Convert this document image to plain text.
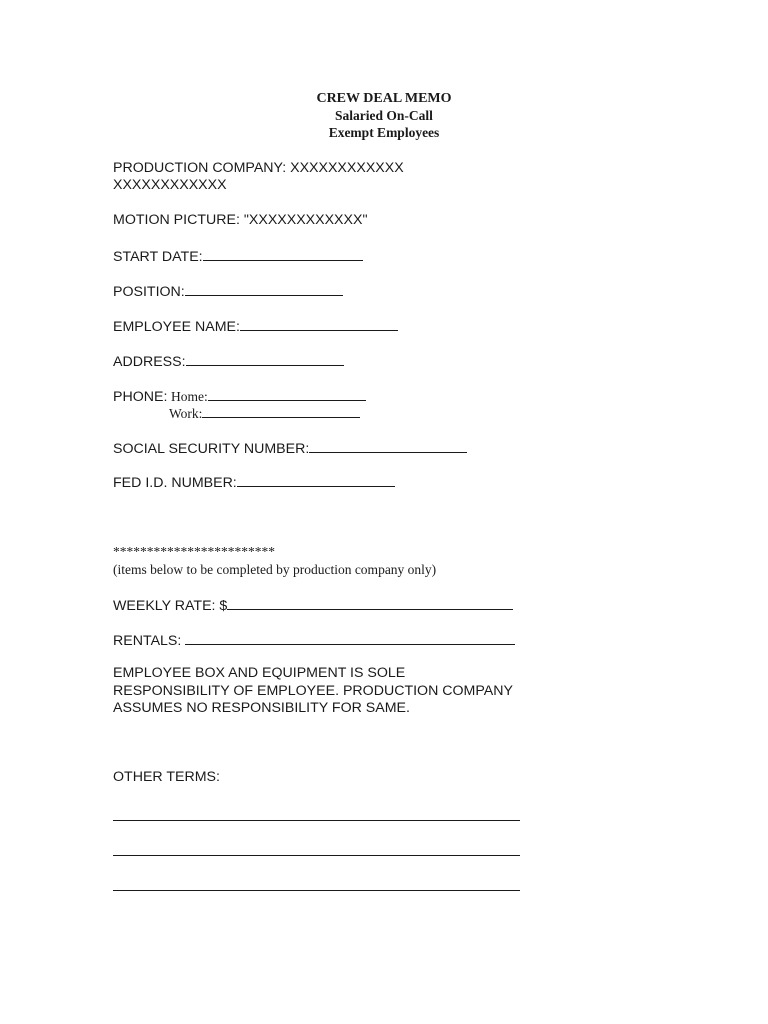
CREW DEAL MEMO
Salaried On-Call
Exempt Employees
PRODUCTION COMPANY: XXXXXXXXXXXX
XXXXXXXXXXXX
MOTION PICTURE: "XXXXXXXXXXXX"
START DATE:
POSITION:
EMPLOYEE NAME:
ADDRESS:
PHONE: Home:
Work:
SOCIAL SECURITY NUMBER:
FED I.D. NUMBER:
************************
(items below to be completed by production company only)
WEEKLY RATE: $
RENTALS:
EMPLOYEE BOX AND EQUIPMENT IS SOLE
RESPONSIBILITY OF EMPLOYEE. PRODUCTION COMPANY
ASSUMES NO RESPONSIBILITY FOR SAME.
OTHER TERMS:
